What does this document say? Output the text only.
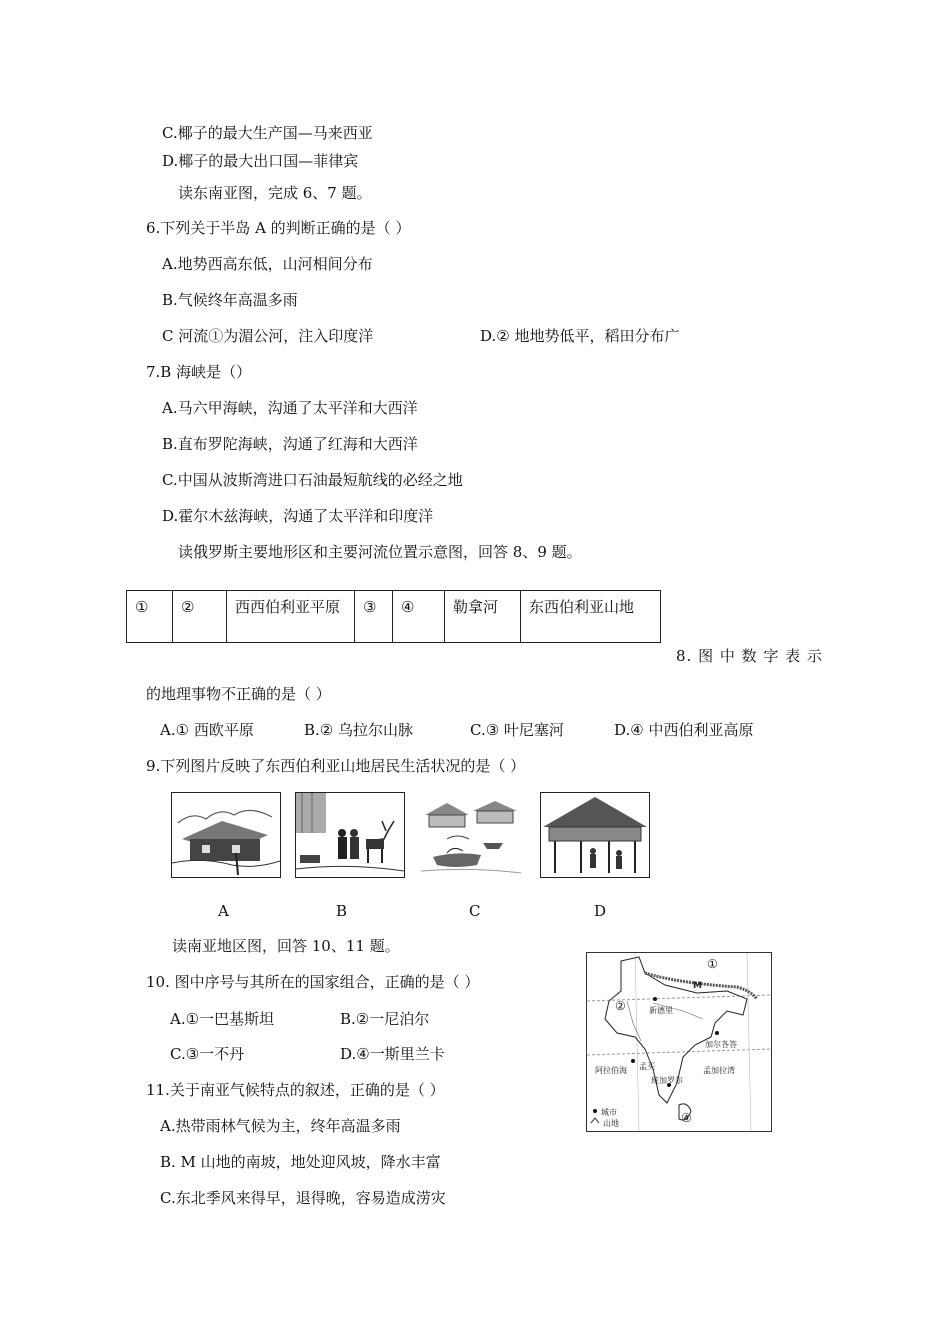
C.椰子的最大生产国—马来西亚
D.椰子的最大出口国—菲律宾
读东南亚图，完成 6、7 题。
6.下列关于半岛 A 的判断正确的是（ ）
A.地势西高东低，山河相间分布
B.气候终年高温多雨
C 河流①为湄公河，注入印度洋	D.② 地地势低平，稻田分布广
7.B 海峡是（）
A.马六甲海峡，沟通了太平洋和大西洋
B.直布罗陀海峡，沟通了红海和大西洋
C.中国从波斯湾进口石油最短航线的必经之地
D.霍尔木兹海峡，沟通了太平洋和印度洋
读俄罗斯主要地形区和主要河流位置示意图，回答 8、9 题。
①	②	西西伯利亚平原	③	④	勒拿河	东西伯利亚山地
8. 图 中 数 字 表 示
的地理事物不正确的是（ ）
A.① 西欧平原	B.② 乌拉尔山脉	C.③ 叶尼塞河	D.④ 中西伯利亚高原
9.下列图片反映了东西伯利亚山地居民生活状况的是（ ）
A	B	C	D
读南亚地区图，回答 10、11 题。
10. 图中序号与其所在的国家组合，正确的是（ ）
A.①一巴基斯坦	B.②一尼泊尔
C.③一不丹	D.④一斯里兰卡
11.关于南亚气候特点的叙述，正确的是（ ）
A.热带雨林气候为主，终年高温多雨
B. M 山地的南坡，地处迎风坡，降水丰富
C.东北季风来得早，退得晚，容易造成涝灾
①
②
④
M
新德里
加尔各答
孟买
班加罗尔
阿拉伯海	孟加拉湾
城市
山地
